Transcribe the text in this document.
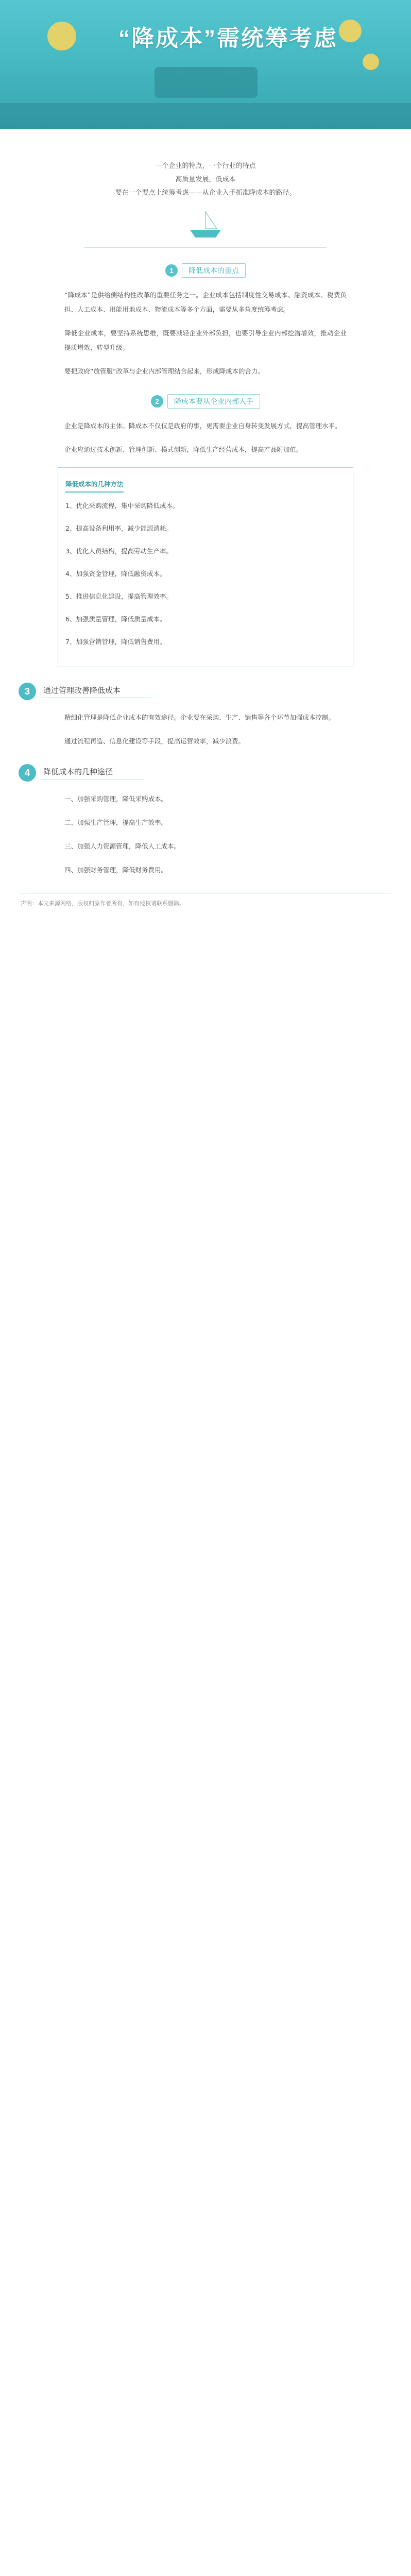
“降成本”需统筹考虑
一个企业的特点，一个行业的特点
高质量发展，低成本
要在一个要点上统筹考虑——从企业入手抓准降成本的路径。
1	降低成本的重点

“降成本”是供给侧结构性改革的重要任务之一。企业成本包括制度性交易成本、融资成本、税费负担、人工成本、用能用地成本、物流成本等多个方面，需要从多角度统筹考虑。

降低企业成本，要坚持系统思维，既要减轻企业外部负担，也要引导企业内部挖潜增效，推动企业提质增效、转型升级。

要把政府“放管服”改革与企业内部管理结合起来，形成降成本的合力。

2	降成本要从企业内部入手

企业是降成本的主体。降成本不仅仅是政府的事，更需要企业自身转变发展方式，提高管理水平。

企业应通过技术创新、管理创新、模式创新，降低生产经营成本，提高产品附加值。

降低成本的几种方法

1、优化采购流程，集中采购降低成本。

2、提高设备利用率，减少能源消耗。

3、优化人员结构，提高劳动生产率。

4、加强资金管理，降低融资成本。

5、推进信息化建设，提高管理效率。

6、加强质量管理，降低质量成本。

7、加强营销管理，降低销售费用。

3	通过管理改善降低成本

精细化管理是降低企业成本的有效途径。企业要在采购、生产、销售等各个环节加强成本控制。

通过流程再造、信息化建设等手段，提高运营效率，减少浪费。

4	降低成本的几种途径

一、加强采购管理，降低采购成本。

二、加强生产管理，提高生产效率。

三、加强人力资源管理，降低人工成本。

四、加强财务管理，降低财务费用。

声明：本文来源网络，版权归原作者所有，如有侵权请联系删除。
